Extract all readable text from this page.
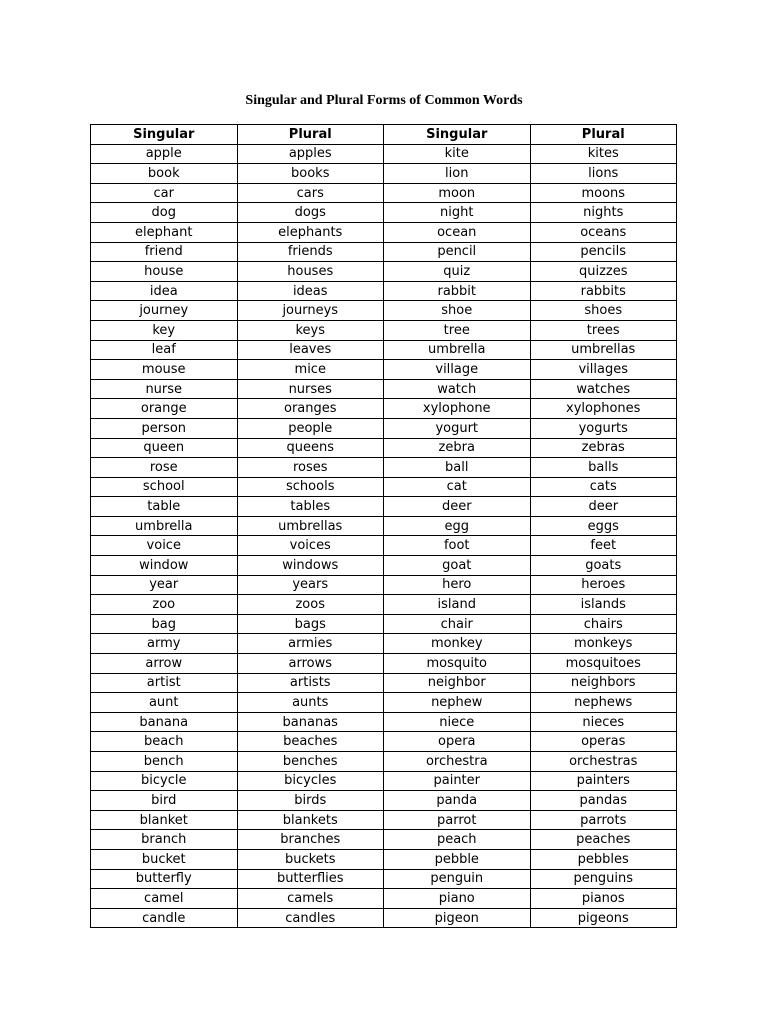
Singular and Plural Forms of Common Words
Singular	Plural	Singular	Plural
apple	apples	kite	kites
book	books	lion	lions
car	cars	moon	moons
dog	dogs	night	nights
elephant	elephants	ocean	oceans
friend	friends	pencil	pencils
house	houses	quiz	quizzes
idea	ideas	rabbit	rabbits
journey	journeys	shoe	shoes
key	keys	tree	trees
leaf	leaves	umbrella	umbrellas
mouse	mice	village	villages
nurse	nurses	watch	watches
orange	oranges	xylophone	xylophones
person	people	yogurt	yogurts
queen	queens	zebra	zebras
rose	roses	ball	balls
school	schools	cat	cats
table	tables	deer	deer
umbrella	umbrellas	egg	eggs
voice	voices	foot	feet
window	windows	goat	goats
year	years	hero	heroes
zoo	zoos	island	islands
bag	bags	chair	chairs
army	armies	monkey	monkeys
arrow	arrows	mosquito	mosquitoes
artist	artists	neighbor	neighbors
aunt	aunts	nephew	nephews
banana	bananas	niece	nieces
beach	beaches	opera	operas
bench	benches	orchestra	orchestras
bicycle	bicycles	painter	painters
bird	birds	panda	pandas
blanket	blankets	parrot	parrots
branch	branches	peach	peaches
bucket	buckets	pebble	pebbles
butterfly	butterflies	penguin	penguins
camel	camels	piano	pianos
candle	candles	pigeon	pigeons
